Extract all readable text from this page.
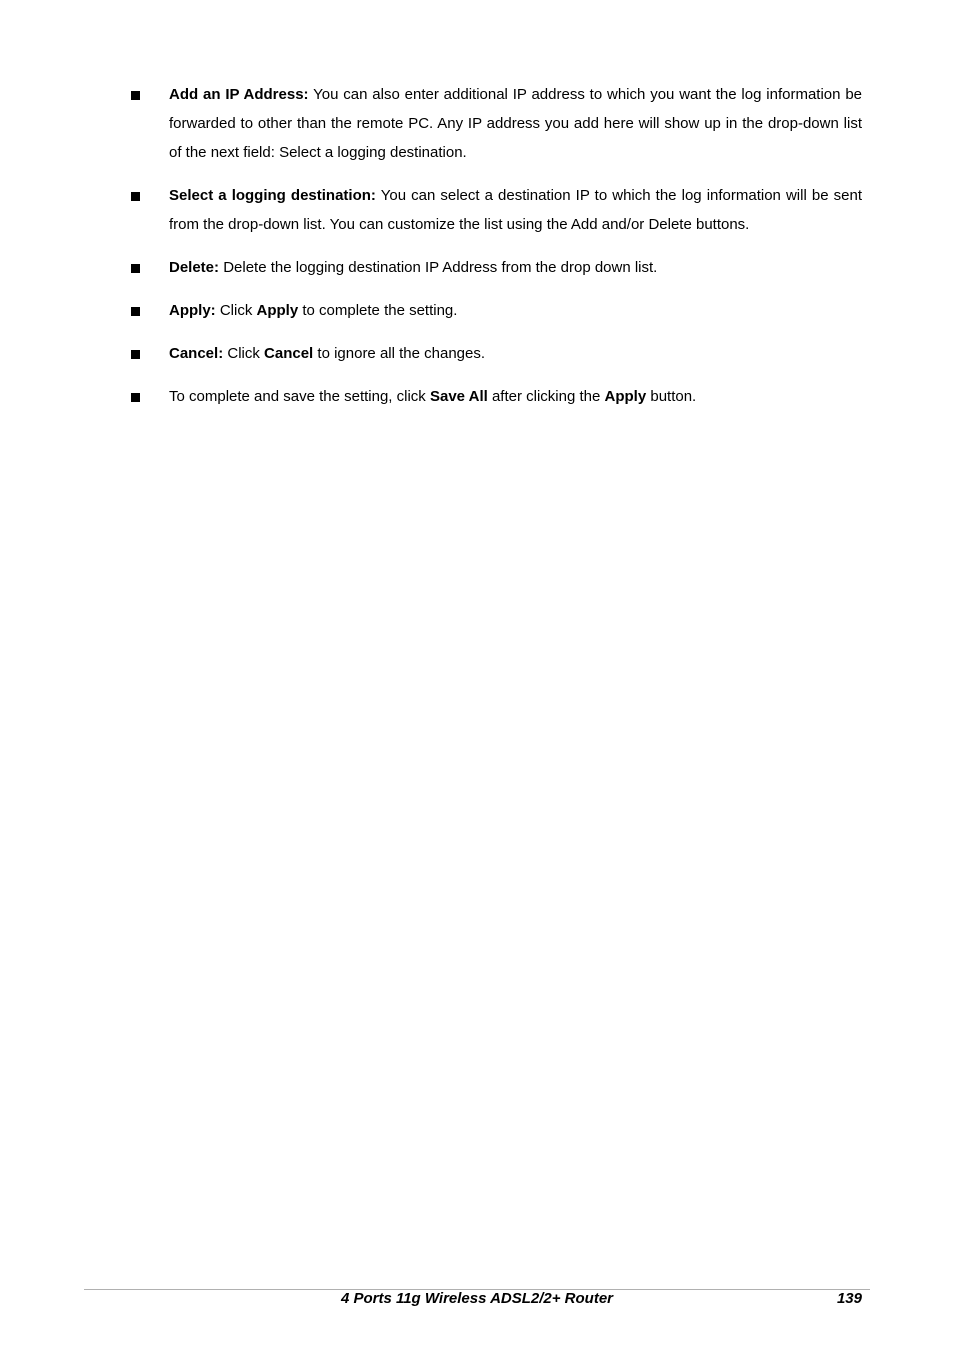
Add an IP Address: You can also enter additional IP address to which you want the log information be forwarded to other than the remote PC. Any IP address you add here will show up in the drop-down list of the next field: Select a logging destination.
Select a logging destination: You can select a destination IP to which the log information will be sent from the drop-down list. You can customize the list using the Add and/or Delete buttons.
Delete: Delete the logging destination IP Address from the drop down list.
Apply: Click Apply to complete the setting.
Cancel: Click Cancel to ignore all the changes.
To complete and save the setting, click Save All after clicking the Apply button.
4 Ports 11g Wireless ADSL2/2+ Router	139
